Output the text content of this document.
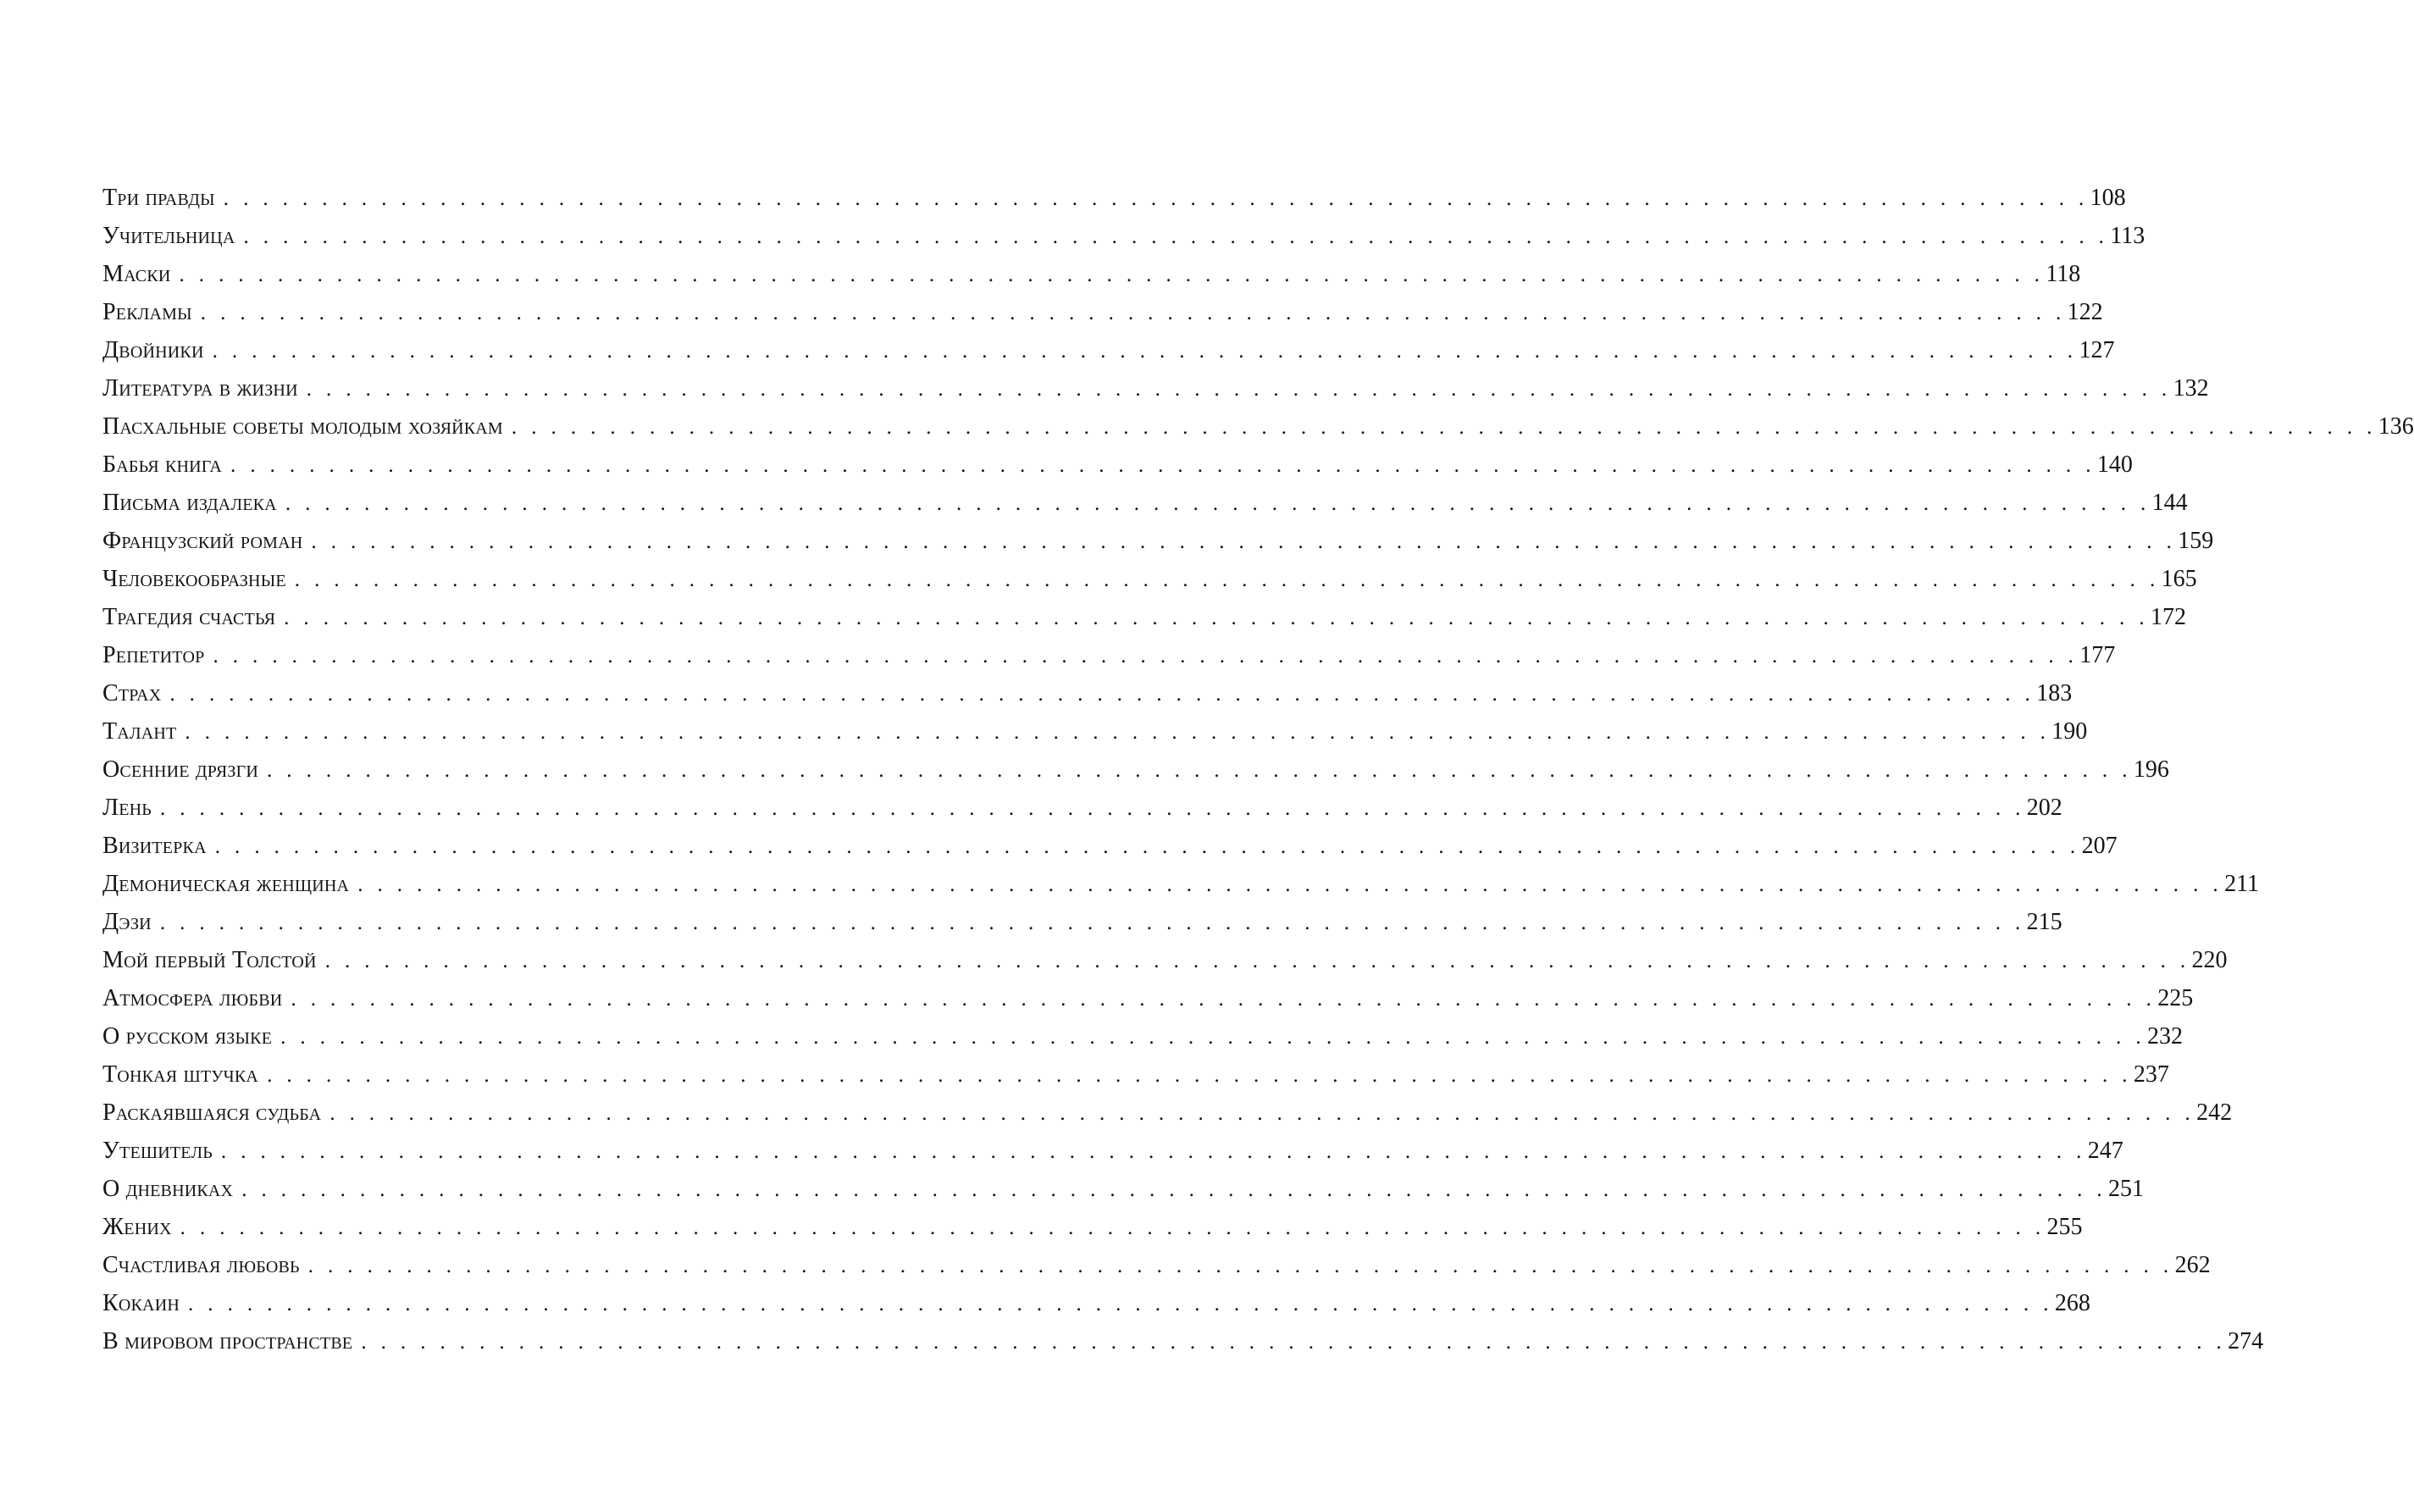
Три правды . . . . . . . . . . . . . . . . . . . . . . . . . . . . . . . . . . . . . . . . . . . . . . . . . . . . . . . . . . . . . . . . . . . . . . . . . . . . . . . . . . . . . . . . . . . . . . . 108
Учительница . . . . . . . . . . . . . . . . . . . . . . . . . . . . . . . . . . . . . . . . . . . . . . . . . . . . . . . . . . . . . . . . . . . . . . . . . . . . . . . . . . . . . . . . . . . . . . . 113
Маски . . . . . . . . . . . . . . . . . . . . . . . . . . . . . . . . . . . . . . . . . . . . . . . . . . . . . . . . . . . . . . . . . . . . . . . . . . . . . . . . . . . . . . . . . . . . . . . 118
Рекламы . . . . . . . . . . . . . . . . . . . . . . . . . . . . . . . . . . . . . . . . . . . . . . . . . . . . . . . . . . . . . . . . . . . . . . . . . . . . . . . . . . . . . . . . . . . . . . . 122
Двойники . . . . . . . . . . . . . . . . . . . . . . . . . . . . . . . . . . . . . . . . . . . . . . . . . . . . . . . . . . . . . . . . . . . . . . . . . . . . . . . . . . . . . . . . . . . . . . . 127
Литература в жизни . . . . . . . . . . . . . . . . . . . . . . . . . . . . . . . . . . . . . . . . . . . . . . . . . . . . . . . . . . . . . . . . . . . . . . . . . . . . . . . . . . . . . . . . . . . . . . . 132
Пасхальные советы молодым хозяйкам . . . . . . . . . . . . . . . . . . . . . . . . . . . . . . . . . . . . . . . . . . . . . . . . . . . . . . . . . . . . . . . . . . . . . . . . . . . . . . . . . . . . . . . . . . . . . . . 136
Бабья книга . . . . . . . . . . . . . . . . . . . . . . . . . . . . . . . . . . . . . . . . . . . . . . . . . . . . . . . . . . . . . . . . . . . . . . . . . . . . . . . . . . . . . . . . . . . . . . . 140
Письма издалека . . . . . . . . . . . . . . . . . . . . . . . . . . . . . . . . . . . . . . . . . . . . . . . . . . . . . . . . . . . . . . . . . . . . . . . . . . . . . . . . . . . . . . . . . . . . . . . 144
Французский роман . . . . . . . . . . . . . . . . . . . . . . . . . . . . . . . . . . . . . . . . . . . . . . . . . . . . . . . . . . . . . . . . . . . . . . . . . . . . . . . . . . . . . . . . . . . . . . . 159
Человекообразные . . . . . . . . . . . . . . . . . . . . . . . . . . . . . . . . . . . . . . . . . . . . . . . . . . . . . . . . . . . . . . . . . . . . . . . . . . . . . . . . . . . . . . . . . . . . . . . 165
Трагедия счастья . . . . . . . . . . . . . . . . . . . . . . . . . . . . . . . . . . . . . . . . . . . . . . . . . . . . . . . . . . . . . . . . . . . . . . . . . . . . . . . . . . . . . . . . . . . . . . . 172
Репетитор . . . . . . . . . . . . . . . . . . . . . . . . . . . . . . . . . . . . . . . . . . . . . . . . . . . . . . . . . . . . . . . . . . . . . . . . . . . . . . . . . . . . . . . . . . . . . . . 177
Страх . . . . . . . . . . . . . . . . . . . . . . . . . . . . . . . . . . . . . . . . . . . . . . . . . . . . . . . . . . . . . . . . . . . . . . . . . . . . . . . . . . . . . . . . . . . . . . . 183
Талант . . . . . . . . . . . . . . . . . . . . . . . . . . . . . . . . . . . . . . . . . . . . . . . . . . . . . . . . . . . . . . . . . . . . . . . . . . . . . . . . . . . . . . . . . . . . . . . 190
Осенние дрязги . . . . . . . . . . . . . . . . . . . . . . . . . . . . . . . . . . . . . . . . . . . . . . . . . . . . . . . . . . . . . . . . . . . . . . . . . . . . . . . . . . . . . . . . . . . . . . . 196
Лень . . . . . . . . . . . . . . . . . . . . . . . . . . . . . . . . . . . . . . . . . . . . . . . . . . . . . . . . . . . . . . . . . . . . . . . . . . . . . . . . . . . . . . . . . . . . . . . 202
Визитерка . . . . . . . . . . . . . . . . . . . . . . . . . . . . . . . . . . . . . . . . . . . . . . . . . . . . . . . . . . . . . . . . . . . . . . . . . . . . . . . . . . . . . . . . . . . . . . . 207
Демоническая женщина . . . . . . . . . . . . . . . . . . . . . . . . . . . . . . . . . . . . . . . . . . . . . . . . . . . . . . . . . . . . . . . . . . . . . . . . . . . . . . . . . . . . . . . . . . . . . . . 211
Дэзи . . . . . . . . . . . . . . . . . . . . . . . . . . . . . . . . . . . . . . . . . . . . . . . . . . . . . . . . . . . . . . . . . . . . . . . . . . . . . . . . . . . . . . . . . . . . . . . 215
Мой первый Толстой . . . . . . . . . . . . . . . . . . . . . . . . . . . . . . . . . . . . . . . . . . . . . . . . . . . . . . . . . . . . . . . . . . . . . . . . . . . . . . . . . . . . . . . . . . . . . . . 220
Атмосфера любви . . . . . . . . . . . . . . . . . . . . . . . . . . . . . . . . . . . . . . . . . . . . . . . . . . . . . . . . . . . . . . . . . . . . . . . . . . . . . . . . . . . . . . . . . . . . . . . 225
О русском языке . . . . . . . . . . . . . . . . . . . . . . . . . . . . . . . . . . . . . . . . . . . . . . . . . . . . . . . . . . . . . . . . . . . . . . . . . . . . . . . . . . . . . . . . . . . . . . . 232
Тонкая штучка . . . . . . . . . . . . . . . . . . . . . . . . . . . . . . . . . . . . . . . . . . . . . . . . . . . . . . . . . . . . . . . . . . . . . . . . . . . . . . . . . . . . . . . . . . . . . . . 237
Раскаявшаяся судьба . . . . . . . . . . . . . . . . . . . . . . . . . . . . . . . . . . . . . . . . . . . . . . . . . . . . . . . . . . . . . . . . . . . . . . . . . . . . . . . . . . . . . . . . . . . . . . . 242
Утешитель . . . . . . . . . . . . . . . . . . . . . . . . . . . . . . . . . . . . . . . . . . . . . . . . . . . . . . . . . . . . . . . . . . . . . . . . . . . . . . . . . . . . . . . . . . . . . . . 247
О дневниках . . . . . . . . . . . . . . . . . . . . . . . . . . . . . . . . . . . . . . . . . . . . . . . . . . . . . . . . . . . . . . . . . . . . . . . . . . . . . . . . . . . . . . . . . . . . . . . 251
Жених . . . . . . . . . . . . . . . . . . . . . . . . . . . . . . . . . . . . . . . . . . . . . . . . . . . . . . . . . . . . . . . . . . . . . . . . . . . . . . . . . . . . . . . . . . . . . . . 255
Счастливая любовь . . . . . . . . . . . . . . . . . . . . . . . . . . . . . . . . . . . . . . . . . . . . . . . . . . . . . . . . . . . . . . . . . . . . . . . . . . . . . . . . . . . . . . . . . . . . . . . 262
Кокаин . . . . . . . . . . . . . . . . . . . . . . . . . . . . . . . . . . . . . . . . . . . . . . . . . . . . . . . . . . . . . . . . . . . . . . . . . . . . . . . . . . . . . . . . . . . . . . . 268
В мировом пространстве . . . . . . . . . . . . . . . . . . . . . . . . . . . . . . . . . . . . . . . . . . . . . . . . . . . . . . . . . . . . . . . . . . . . . . . . . . . . . . . . . . . . . . . . . . . . . . . 274
